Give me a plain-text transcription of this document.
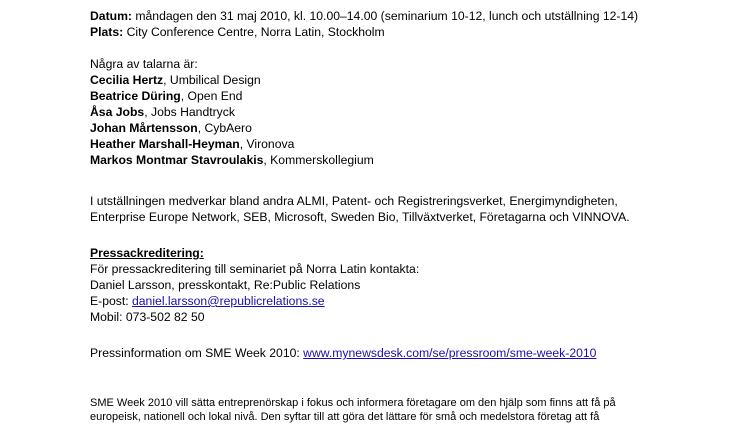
Datum: måndagen den 31 maj 2010, kl. 10.00–14.00 (seminarium 10-12, lunch och utställning 12-14)
Plats: City Conference Centre, Norra Latin, Stockholm
Några av talarna är:
Cecilia Hertz, Umbilical Design
Beatrice Düring, Open End
Åsa Jobs, Jobs Handtryck
Johan Mårtensson, CybAero
Heather Marshall-Heyman, Vironova
Markos Montmar Stavroulakis, Kommerskollegium
I utställningen medverkar bland andra ALMI, Patent- och Registreringsverket, Energimyndigheten,
Enterprise Europe Network, SEB, Microsoft, Sweden Bio, Tillväxtverket, Företagarna och VINNOVA.
Pressackreditering:
För pressackreditering till seminariet på Norra Latin kontakta:
Daniel Larsson, presskontakt, Re:Public Relations
E-post: daniel.larsson@republicrelations.se
Mobil: 073-502 82 50
Pressinformation om SME Week 2010: www.mynewsdesk.com/se/pressroom/sme-week-2010
SME Week 2010 vill sätta entreprenörskap i fokus och informera företagare om den hjälp som finns att få på
europeisk, nationell och lokal nivå. Den syftar till att göra det lättare för små och medelstora företag att få
